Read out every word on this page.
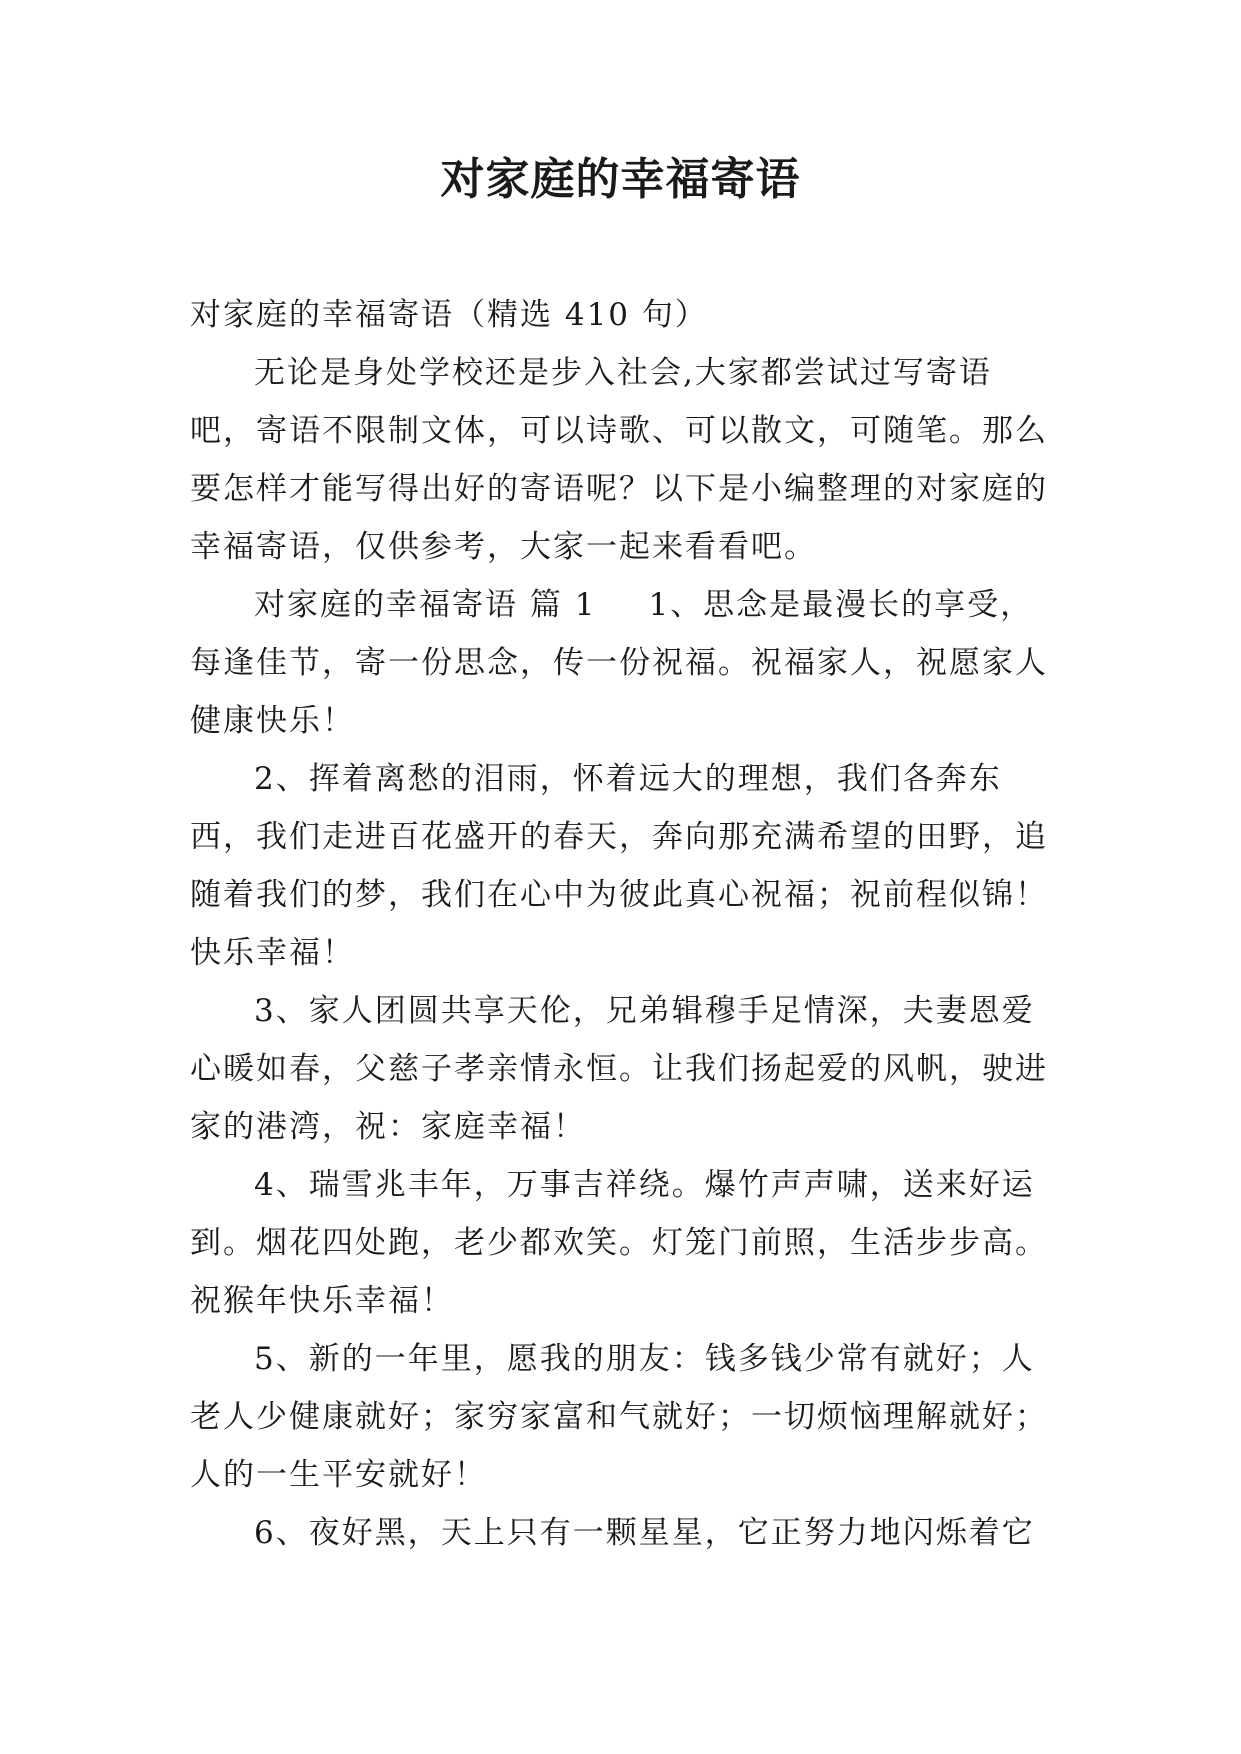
对家庭的幸福寄语

对家庭的幸福寄语（精选 410 句）

无论是身处学校还是步入社会,大家都尝试过写寄语吧，寄语不限制文体，可以诗歌、可以散文，可随笔。那么要怎样才能写得出好的寄语呢？以下是小编整理的对家庭的幸福寄语，仅供参考，大家一起来看看吧。

对家庭的幸福寄语 篇 1 1、思念是最漫长的享受，每逢佳节，寄一份思念，传一份祝福。祝福家人，祝愿家人健康快乐！

2、挥着离愁的泪雨，怀着远大的理想，我们各奔东西，我们走进百花盛开的春天，奔向那充满希望的田野，追随着我们的梦，我们在心中为彼此真心祝福；祝前程似锦！快乐幸福！

3、家人团圆共享天伦，兄弟辑穆手足情深，夫妻恩爱心暖如春，父慈子孝亲情永恒。让我们扬起爱的风帆，驶进家的港湾，祝：家庭幸福！

4、瑞雪兆丰年，万事吉祥绕。爆竹声声啸，送来好运到。烟花四处跑，老少都欢笑。灯笼门前照，生活步步高。祝猴年快乐幸福！

5、新的一年里，愿我的朋友：钱多钱少常有就好；人老人少健康就好；家穷家富和气就好；一切烦恼理解就好；人的一生平安就好！

6、夜好黑，天上只有一颗星星，它正努力地闪烁着它
